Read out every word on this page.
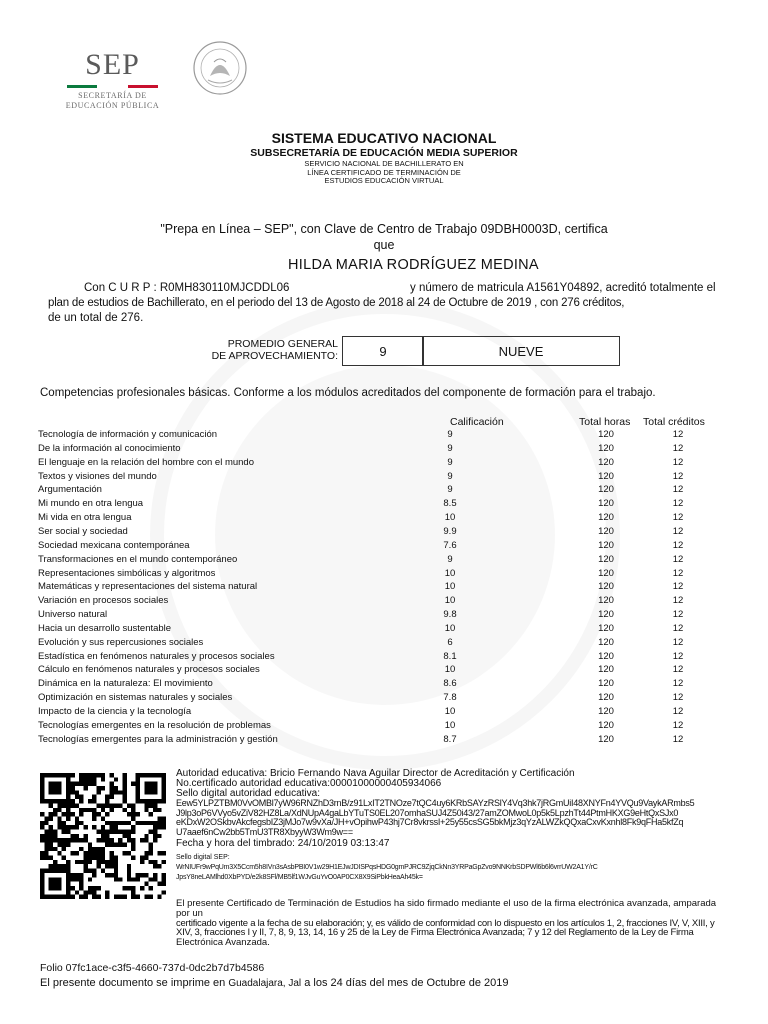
SEP
SECRETARÍA DE
EDUCACIÓN PÚBLICA
SISTEMA EDUCATIVO NACIONAL
SUBSECRETARÍA DE EDUCACIÓN MEDIA SUPERIOR
SERVICIO NACIONAL DE BACHILLERATO EN
LÍNEA CERTIFICADO DE TERMINACIÓN DE
ESTUDIOS EDUCACIÓN VIRTUAL
"Prepa en Línea – SEP", con Clave de Centro de Trabajo 09DBH0003D, certifica
que
HILDA MARIA RODRÍGUEZ MEDINA
Con C U R P : R0MH830110MJCDDL06	y número de matricula A1561Y04892, acreditó totalmente el
plan de estudios de Bachillerato, en el periodo del 13 de Agosto de 2018 al 24 de Octubre de 2019 , con 276 créditos,
de un total de 276.
PROMEDIO GENERAL
DE APROVECHAMIENTO:	9	NUEVE
Competencias profesionales básicas. Conforme a los módulos acreditados del componente de formación para el trabajo.
Calificación	Total horas Total créditos
Tecnología de información y comunicación	9	120	12
De la información al conocimiento	9	120	12
El lenguaje en la relación del hombre con el mundo	9	120	12
Textos y visiones del mundo	9	120	12
Argumentación	9	120	12
Mi mundo en otra lengua	8.5	120	12
Mi vida en otra lengua	10	120	12
Ser social y sociedad	9.9	120	12
Sociedad mexicana contemporánea	7.6	120	12
Transformaciones en el mundo contemporáneo	9	120	12
Representaciones simbólicas y algoritmos	10	120	12
Matemáticas y representaciones del sistema natural	10	120	12
Variación en procesos sociales	10	120	12
Universo natural	9.8	120	12
Hacia un desarrollo sustentable	10	120	12
Evolución y sus repercusiones sociales	6	120	12
Estadística en fenómenos naturales y procesos sociales	8.1	120	12
Cálculo en fenómenos naturales y procesos sociales	10	120	12
Dinámica en la naturaleza: El movimiento	8.6	120	12
Optimización en sistemas naturales y sociales	7.8	120	12
Impacto de la ciencia y la tecnología	10	120	12
Tecnologías emergentes en la resolución de problemas	10	120	12
Tecnologías emergentes para la administración y gestión	8.7	120	12
Autoridad educativa: Bricio Fernando Nava Aguilar Director de Acreditación y Certificación
No.certificado autoridad educativa:00001000000405934066
Sello digital autoridad educativa:
Eew5YLPZTBM0VvOMBl7yW96RNZhD3rnB/z91LxIT2TNOze7tQC4uy6KRbSAYzRSlY4Vq3hk7jRGmUiI48XNYFn4YVQu9VaykARmbs5
J9lp3oP6VVyo5vZiV82HZ8La/XdNUpA4gaLbYTuTS0EL207omhaSUJ4Z50i43/27amZOMwoL0p5k5LpzhTt44PtmHKXG9eHtQxSJx0
eKDxW2OSkbvAkcfegsbIZ3jMJo7w9vXa/JH+vOpihwP43hj7Cr8vkrssI+25y55csSG5bkMjz3qYzALWZkQQxaCxvKxnhl8Fk9qFHa5kfZq
U7aaef6nCw2bb5TmU3TR8XbyyW3Wm9w==
Fecha y hora del timbrado: 24/10/2019 03:13:47
Sello digital SEP:
WrNIUFr9wPqUm3X5Ccm5h8IVn3sAsbPBI0V1w29H1EJwJDISPqsHDG0gmPJRC9ZjqCkNn3YRPaGpZvo9NNKrbSDPWl6b6l6vrrUW2A1Y/rC
JpsY8neLAMlhd0XbPYD/e2k8SFl/MB5lf1WJvGuYvO0AP0CX8X9SiPbkHeaAh45k=
El presente Certificado de Terminación de Estudios ha sido firmado mediante el uso de la firma electrónica avanzada, amparada por un
certificado vigente a la fecha de su elaboración; y, es válido de conformidad con lo dispuesto en los artículos 1, 2, fracciones IV, V, XIII, y
XIV, 3, fracciones I y II, 7, 8, 9, 13, 14, 16 y 25 de la Ley de Firma Electrónica Avanzada; 7 y 12 del Reglamento de la Ley de Firma
Electrónica Avanzada.
Folio 07fc1ace-c3f5-4660-737d-0dc2b7d7b4586
El presente documento se imprime en Guadalajara, Jal a los 24 días del mes de Octubre de 2019
